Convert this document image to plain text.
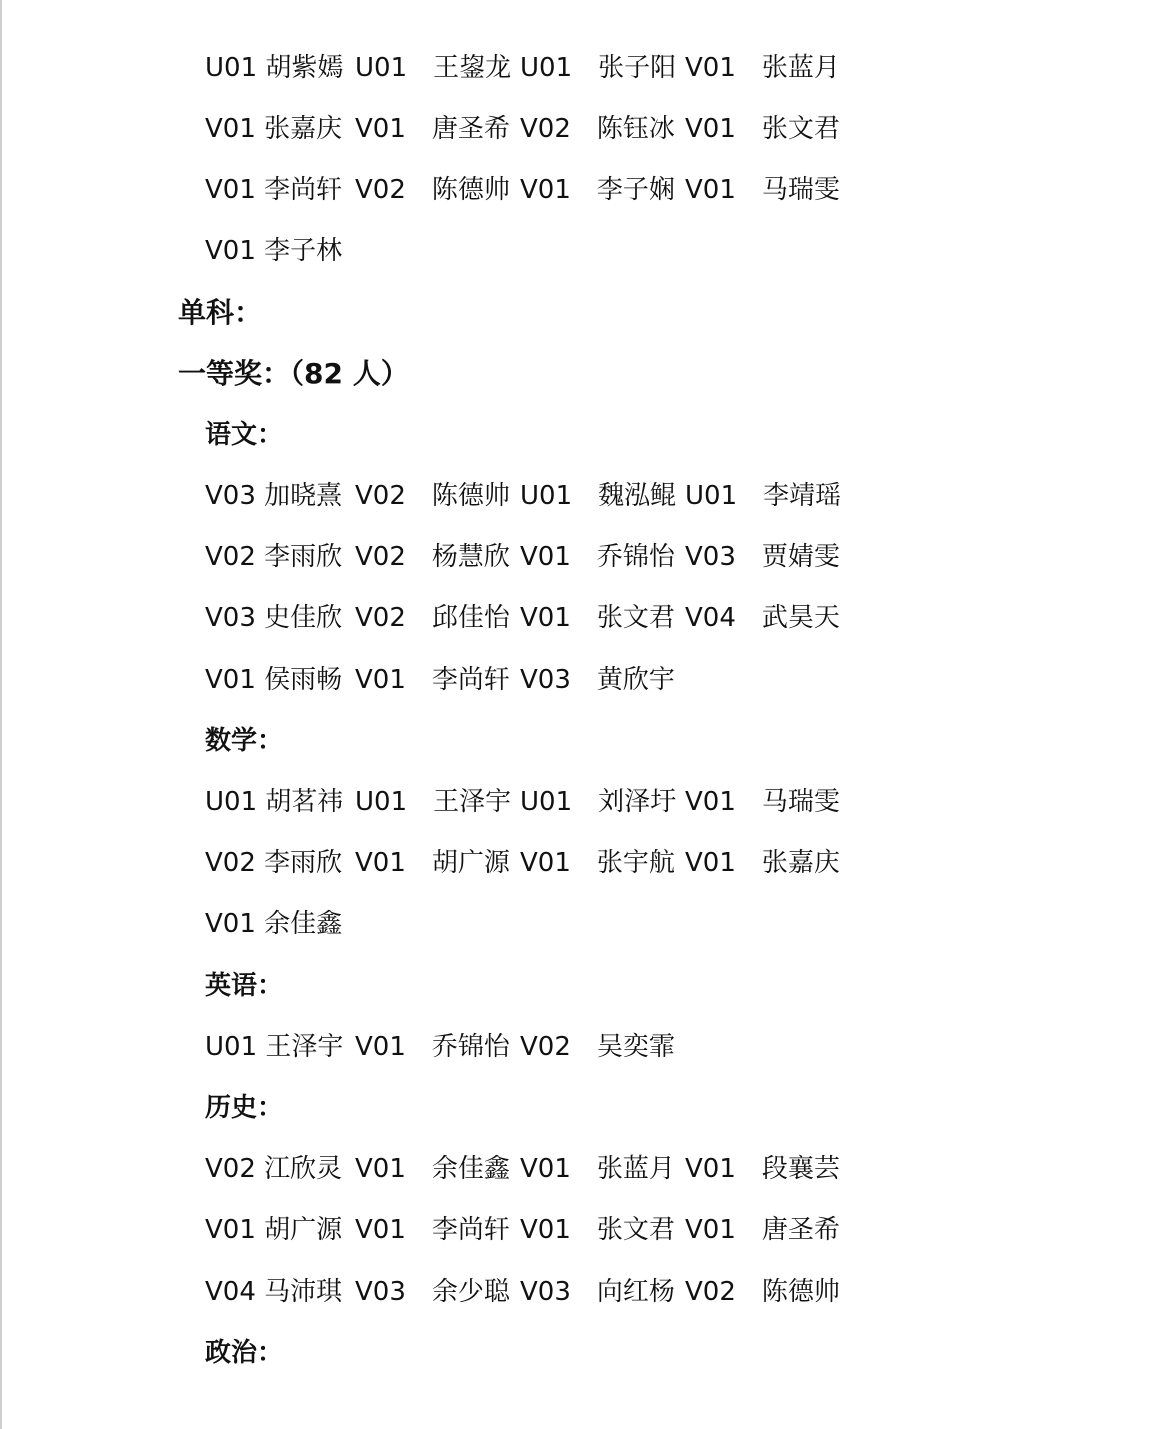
U01 胡紫嫣 U01　王鋆龙 U01　张子阳 V01　张蓝月
V01 张嘉庆 V01　唐圣希 V02　陈钰冰 V01　张文君
V01 李尚轩 V02　陈德帅 V01　李子娴 V01　马瑞雯
V01 李子林
单科：
一等奖：（82 人）
语文：
V03 加晓熹 V02　陈德帅 U01　魏泓鲲 U01　李靖瑶
V02 李雨欣 V02　杨慧欣 V01　乔锦怡 V03　贾婧雯
V03 史佳欣 V02　邱佳怡 V01　张文君 V04　武昊天
V01 侯雨畅 V01　李尚轩 V03　黄欣宇
数学：
U01 胡茗祎 U01　王泽宇 U01　刘泽圩 V01　马瑞雯
V02 李雨欣 V01　胡广源 V01　张宇航 V01　张嘉庆
V01 余佳鑫
英语：
U01 王泽宇 V01　乔锦怡 V02　吴奕霏
历史：
V02 江欣灵 V01　余佳鑫 V01　张蓝月 V01　段襄芸
V01 胡广源 V01　李尚轩 V01　张文君 V01　唐圣希
V04 马沛琪 V03　余少聪 V03　向红杨 V02　陈德帅
政治：
